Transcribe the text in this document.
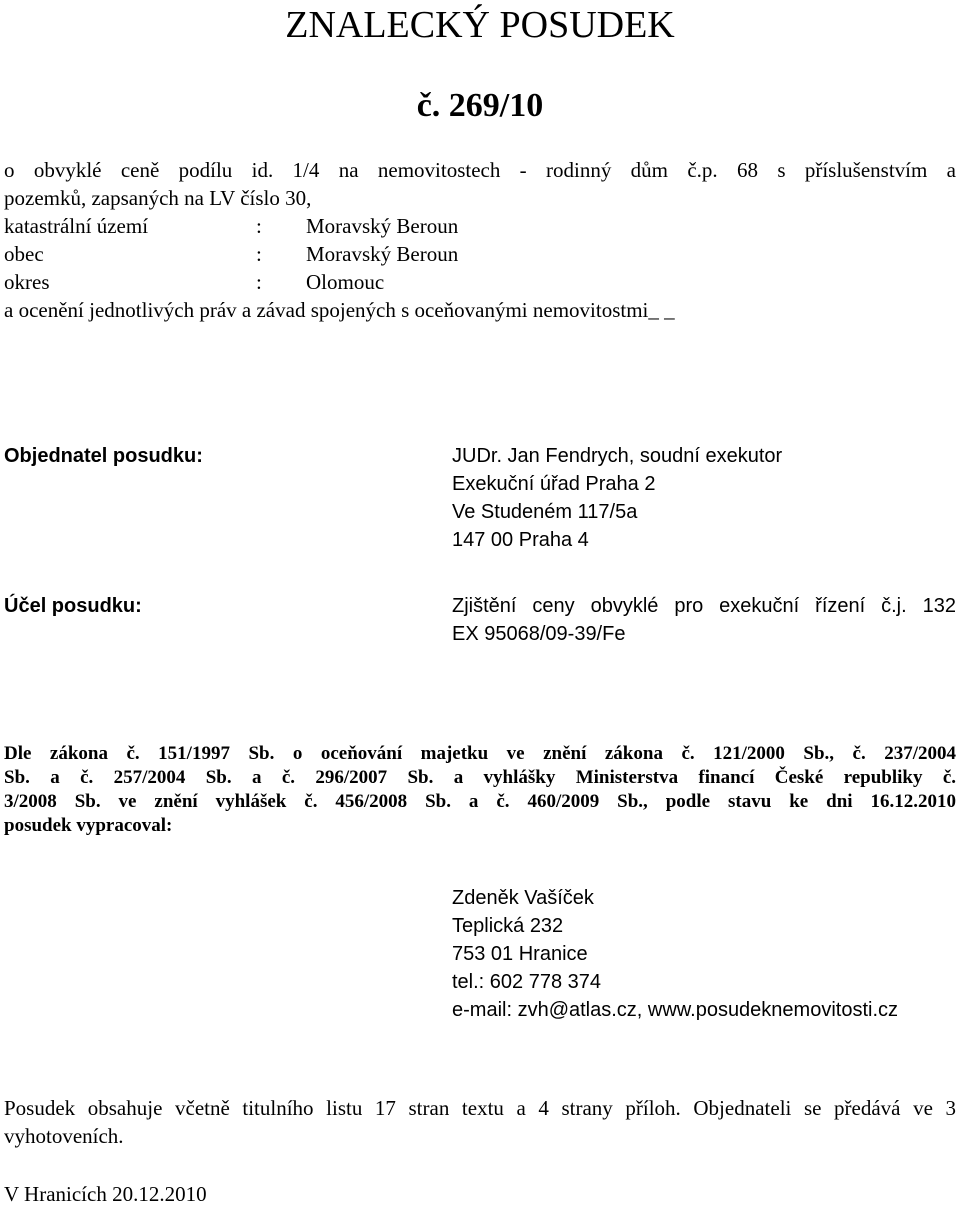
ZNALECKÝ POSUDEK
č. 269/10
o obvyklé ceně podílu id. 1/4 na nemovitostech - rodinný dům č.p. 68 s příslušenstvím a
pozemků, zapsaných na LV číslo 30,
katastrální území	: Moravský Beroun
obec	: Moravský Beroun
okres	: Olomouc
a ocenění jednotlivých práv a závad spojených s oceňovanými nemovitostmi_ _
Objednatel posudku:	JUDr. Jan Fendrych, soudní exekutor
Exekuční úřad Praha 2
Ve Studeném 117/5a
147 00 Praha 4
Účel posudku:	Zjištění ceny obvyklé pro exekuční řízení č.j. 132
EX 95068/09-39/Fe
Dle zákona č. 151/1997 Sb. o oceňování majetku ve znění zákona č. 121/2000 Sb., č. 237/2004
Sb. a č. 257/2004 Sb. a č. 296/2007 Sb. a vyhlášky Ministerstva financí České republiky č.
3/2008 Sb. ve znění vyhlášek č. 456/2008 Sb. a č. 460/2009 Sb., podle stavu ke dni 16.12.2010
posudek vypracoval:
Zdeněk Vašíček
Teplická 232
753 01 Hranice
tel.: 602 778 374
e-mail: zvh@atlas.cz, www.posudeknemovitosti.cz
Posudek obsahuje včetně titulního listu 17 stran textu a 4 strany příloh. Objednateli se předává ve 3 vyhotoveních.
V Hranicích 20.12.2010
